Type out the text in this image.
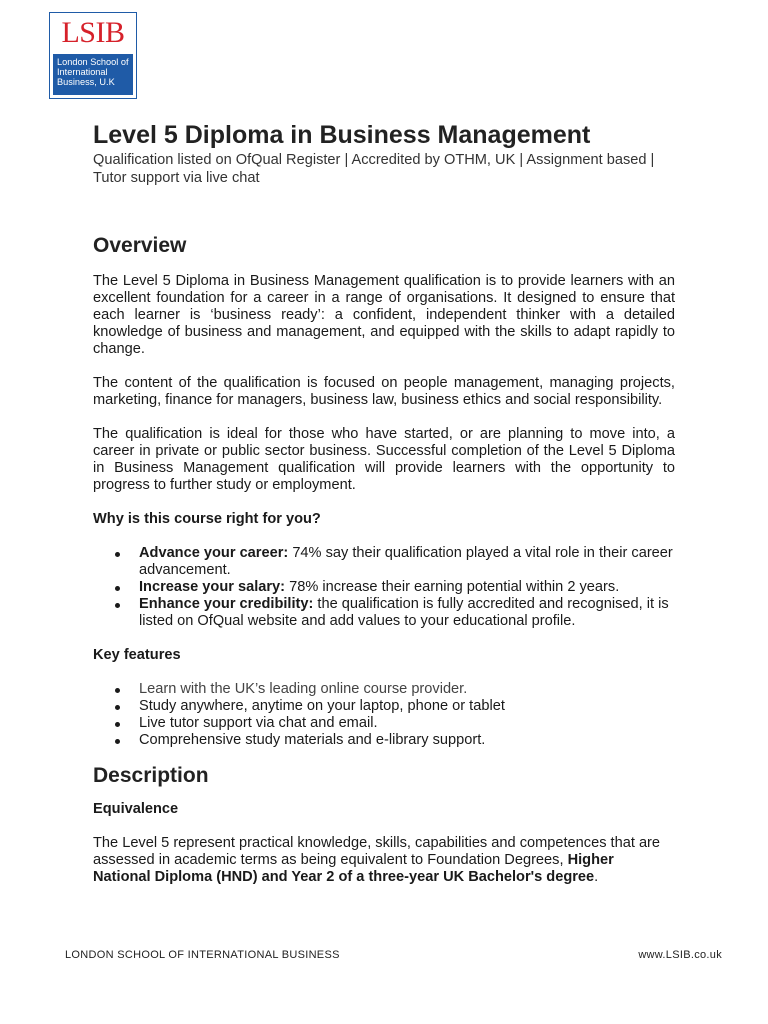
LSIB
London School of
International
Business, U.K
Level 5 Diploma in Business Management
Qualification listed on OfQual Register | Accredited by OTHM, UK | Assignment based | Tutor support via live chat
Overview

The Level 5 Diploma in Business Management qualification is to provide learners with an excellent foundation for a career in a range of organisations. It designed to ensure that each learner is ‘business ready’: a confident, independent thinker with a detailed knowledge of business and management, and equipped with the skills to adapt rapidly to change.

The content of the qualification is focused on people management, managing projects, marketing, finance for managers, business law, business ethics and social responsibility.

The qualification is ideal for those who have started, or are planning to move into, a career in private or public sector business. Successful completion of the Level 5 Diploma in Business Management qualification will provide learners with the opportunity to progress to further study or employment.

Why is this course right for you?
Advance your career: 74% say their qualification played a vital role in their career advancement.
Increase your salary: 78% increase their earning potential within 2 years.
Enhance your credibility: the qualification is fully accredited and recognised, it is listed on OfQual website and add values to your educational profile.
Key features
Learn with the UK’s leading online course provider.
Study anywhere, anytime on your laptop, phone or tablet
Live tutor support via chat and email.
Comprehensive study materials and e-library support.
Description
Equivalence

The Level 5 represent practical knowledge, skills, capabilities and competences that are assessed in academic terms as being equivalent to Foundation Degrees, Higher National Diploma (HND) and Year 2 of a three-year UK Bachelor's degree.

LONDON SCHOOL OF INTERNATIONAL BUSINESS	www.LSIB.co.uk
